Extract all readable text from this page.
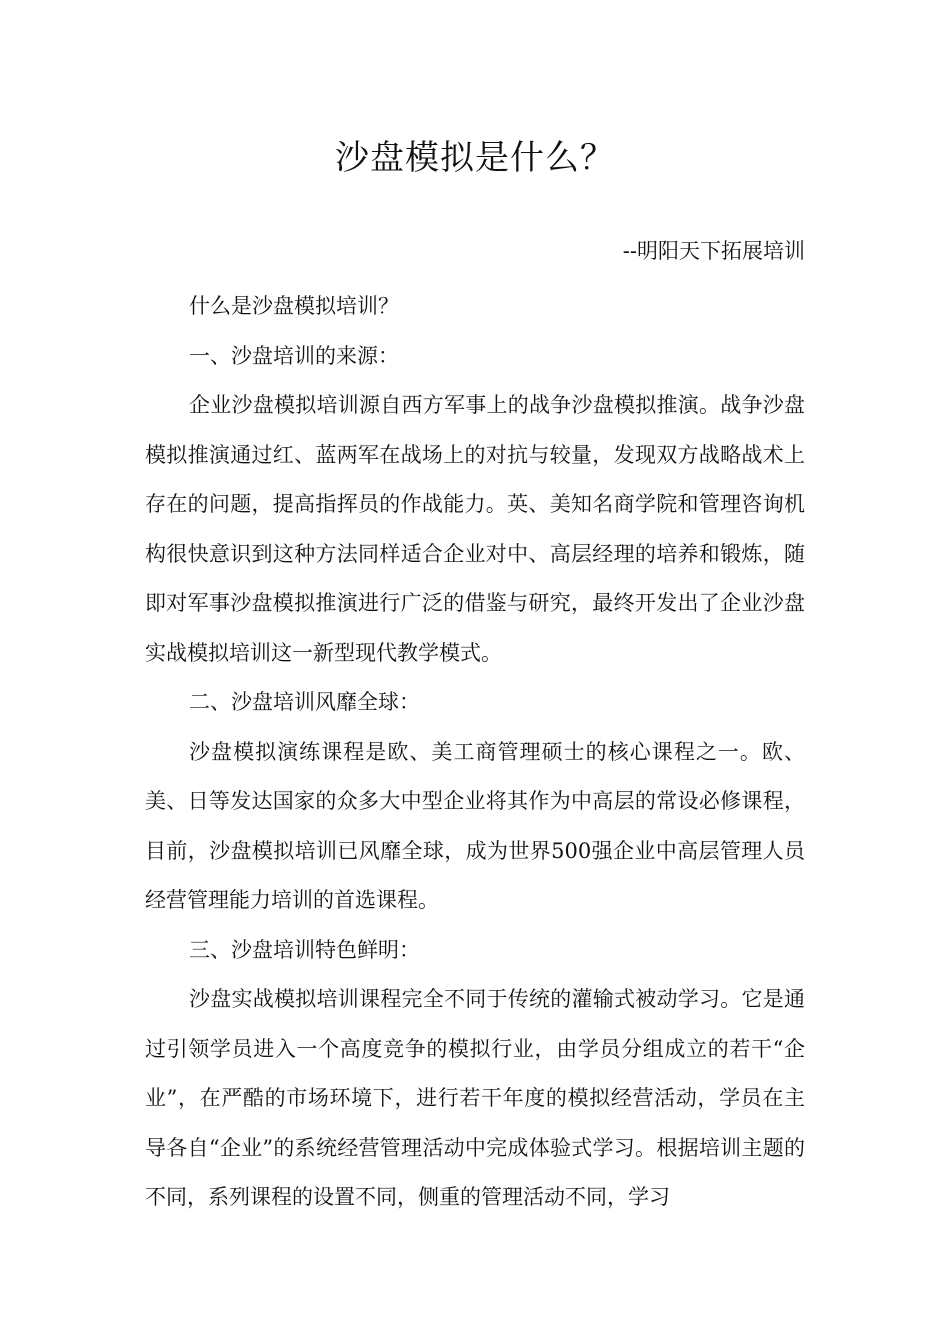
沙盘模拟是什么？

--明阳天下拓展培训

什么是沙盘模拟培训？

一、沙盘培训的来源：

企业沙盘模拟培训源自西方军事上的战争沙盘模拟推演。战争沙盘模拟推演通过红、蓝两军在战场上的对抗与较量，发现双方战略战术上存在的问题，提高指挥员的作战能力。英、美知名商学院和管理咨询机构很快意识到这种方法同样适合企业对中、高层经理的培养和锻炼，随即对军事沙盘模拟推演进行广泛的借鉴与研究，最终开发出了企业沙盘实战模拟培训这一新型现代教学模式。

二、沙盘培训风靡全球：

沙盘模拟演练课程是欧、美工商管理硕士的核心课程之一。欧、美、日等发达国家的众多大中型企业将其作为中高层的常设必修课程，目前，沙盘模拟培训已风靡全球，成为世界500强企业中高层管理人员经营管理能力培训的首选课程。

三、沙盘培训特色鲜明：

沙盘实战模拟培训课程完全不同于传统的灌输式被动学习。它是通过引领学员进入一个高度竞争的模拟行业，由学员分组成立的若干“企业”，在严酷的市场环境下，进行若干年度的模拟经营活动，学员在主导各自“企业”的系统经营管理活动中完成体验式学习。根据培训主题的不同，系列课程的设置不同，侧重的管理活动不同，学习
